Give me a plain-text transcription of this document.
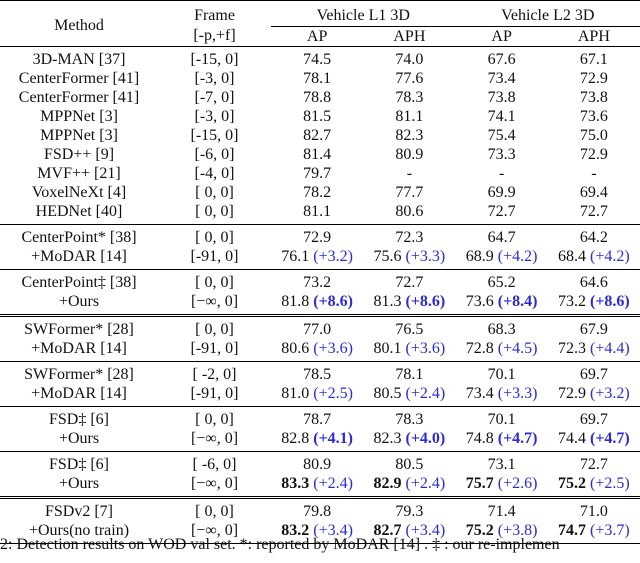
Method	Frame	Vehicle L1 3D		Vehicle L2 3D	
	[-p,+f]	AP	APH	AP	APH
3D-MAN [37]	[-15, 0]	74.5	74.0	67.6	67.1
CenterFormer [41]	[-3, 0]	78.1	77.6	73.4	72.9
CenterFormer [41]	[-7, 0]	78.8	78.3	73.8	73.8
MPPNet [3]	[-3, 0]	81.5	81.1	74.1	73.6
MPPNet [3]	[-15, 0]	82.7	82.3	75.4	75.0
FSD++ [9]	[-6, 0]	81.4	80.9	73.3	72.9
MVF++ [21]	[-4, 0]	79.7	-	-	-
VoxelNeXt [4]	[ 0, 0]	78.2	77.7	69.9	69.4
HEDNet [40]	[ 0, 0]	81.1	80.6	72.7	72.7
CenterPoint* [38]	[ 0, 0]	72.9	72.3	64.7	64.2
+MoDAR [14]	[-91, 0]	76.1 (+3.2)	75.6 (+3.3)	68.9 (+4.2)	68.4 (+4.2)
CenterPoint‡ [38]	[ 0, 0]	73.2	72.7	65.2	64.6
+Ours	[−∞, 0]	81.8 (+8.6)	81.3 (+8.6)	73.6 (+8.4)	73.2 (+8.6)
SWFormer* [28]	[ 0, 0]	77.0	76.5	68.3	67.9
+MoDAR [14]	[-91, 0]	80.6 (+3.6)	80.1 (+3.6)	72.8 (+4.5)	72.3 (+4.4)
SWFormer* [28]	[ -2, 0]	78.5	78.1	70.1	69.7
+MoDAR [14]	[-91, 0]	81.0 (+2.5)	80.5 (+2.4)	73.4 (+3.3)	72.9 (+3.2)
FSD‡ [6]	[ 0, 0]	78.7	78.3	70.1	69.7
+Ours	[−∞, 0]	82.8 (+4.1)	82.3 (+4.0)	74.8 (+4.7)	74.4 (+4.7)
FSD‡ [6]	[ -6, 0]	80.9	80.5	73.1	72.7
+Ours	[−∞, 0]	83.3 (+2.4)	82.9 (+2.4)	75.7 (+2.6)	75.2 (+2.5)
FSDv2 [7]	[ 0, 0]	79.8	79.3	71.4	71.0
+Ours(no train)	[−∞, 0]	83.2 (+3.4)	82.7 (+3.4)	75.2 (+3.8)	74.7 (+3.7)
2: Detection results on WOD val set. *: reported by MoDAR [14] . ‡ : our re-implemen
